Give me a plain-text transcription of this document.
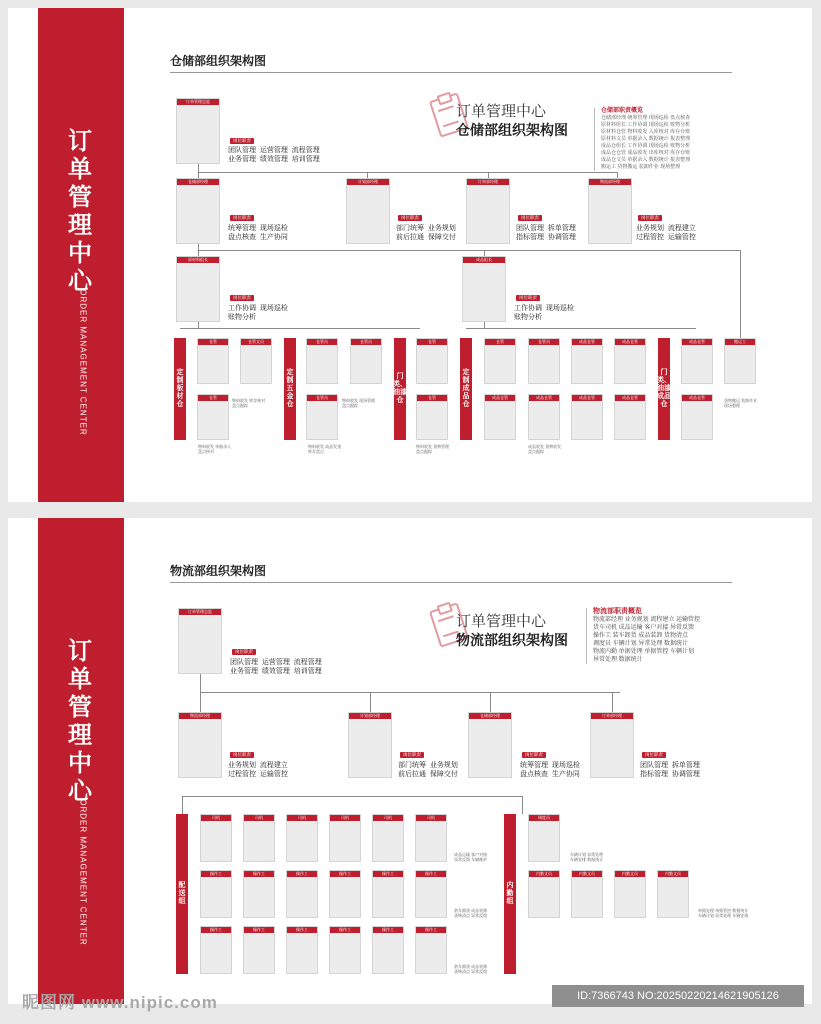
订单管理中心
ORDER MANAGEMENT CENTER
仓储部组织架构图
订单管理中心
仓储部组织架构图
仓储部职责概览
仓储部经理 统筹管理 现场巡检 盘点核查
原材料组长 工作协调 现场巡检 账物分析
原材料仓管 物料收发 入库核对 库存台账
原材料文员 单据录入 数据统计 报表整理
成品仓组长 工作协调 现场巡检 账物分析
成品仓仓管 成品收发 出库核对 库存台账
成品仓文员 单据录入 数据统计 报表整理
搬运工 货物搬运 装卸作业 现场整理
订单管理总监
岗位职责
团队管理  运营管理  流程管理
业务管理  绩效管理  培训管理
仓储部经理
岗位职责
统筹管理  现场巡检
盘点核查  生产协同
计划部经理
岗位职责
部门统筹  业务规划
前后拉通  保障交付
订单部经理
岗位职责
团队管理  拆单管理
指标管理  协调管理
物流部经理
岗位职责
业务规划  流程建立
过程管控  运输管控
原材料组长
岗位职责
工作协调  现场巡检
账物分析
成品组长
岗位职责
工作协调  现场巡检
账物分析
定制板材仓
定制五金仓
门类、油漆仓
定制成品仓
门类、油漆成品仓
仓管	仓管文员	仓管员	仓管员	仓管	仓管	仓管员	成品仓管	成品仓管	成品仓管	搬运工
仓管	仓管员	仓管	成品仓管	成品仓管	成品仓管	成品仓管	成品仓管
物料收发 库存核对
盘点跟踪
物料收发 单据录入
盘点核对
物料收发 现场管理
盘点跟踪
物料收发 成品发货
库存盘点
物料收发 货物管理
盘点跟踪
成品收发 货物收发
盘点跟踪
货物搬运 装卸作业
现场整理
订单管理中心
ORDER MANAGEMENT CENTER
物流部组织架构图
订单管理中心
物流部组织架构图
物流部职责概览
物流部经理 业务规划 流程建立 运输管控
货车司机 成品运输 客户对接 异常反馈
操作工 装车卸货 成品装卸 货物清点
调度员 车辆计划 异常处理 数据统计
物流内勤 单据处理 单据管控 车辆计划
异常处理 数据统计
订单管理总监
岗位职责
团队管理  运营管理  流程管理
业务管理  绩效管理  培训管理
物流部经理
岗位职责
业务规划  流程建立
过程管控  运输管控
计划部经理
岗位职责
部门统筹  业务规划
前后拉通  保障交付
仓储部经理
岗位职责
统筹管理  现场巡检
盘点核查  生产协同
订单部经理
岗位职责
团队管理  拆单管理
指标管理  协调管理
配送组
内勤组
司机	司机	司机	司机	司机	司机
操作工	操作工	操作工	操作工	操作工	操作工
操作工	操作工	操作工	操作工	操作工	操作工
调度员
内勤文员	内勤文员	内勤文员	内勤文员
成品运输 客户对接
异常反馈 车辆维护
装车卸货 成品装卸
货物清点 异常反馈
装车卸货 成品装卸
货物清点 异常反馈
车辆计划 异常处理
车辆安排 数据统计
单据处理 单据管控 数据统计
车辆计划 异常处理 车辆安排
昵图网 www.nipic.com	ID:7366743 NO:20250220214621905126
